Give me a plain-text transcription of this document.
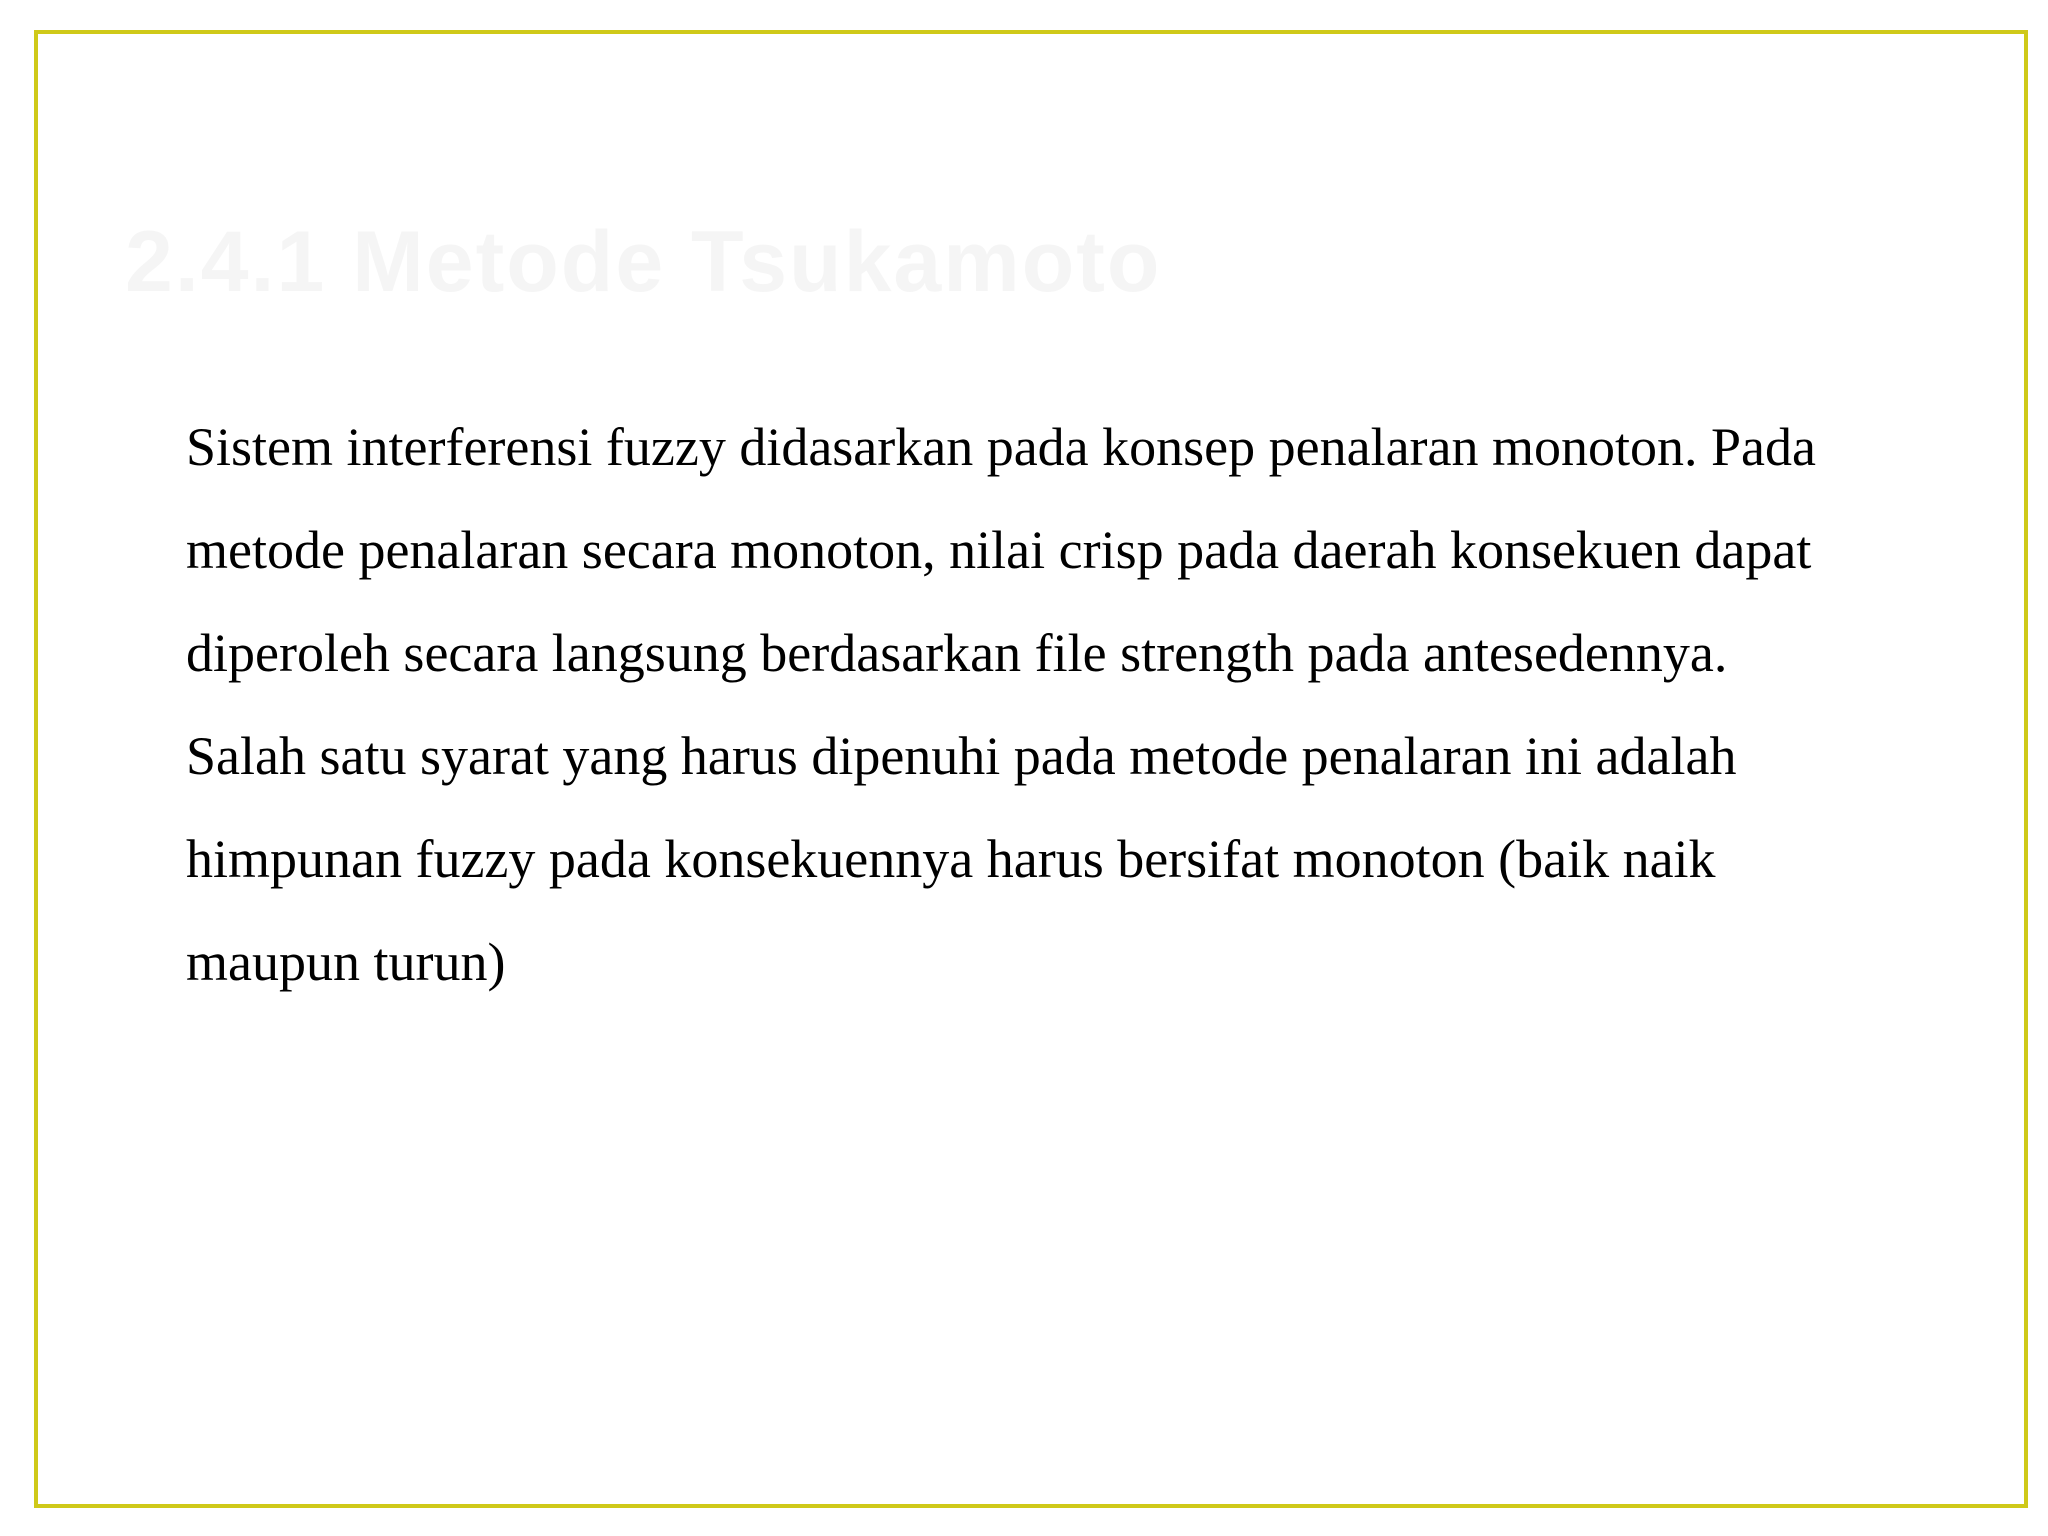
2.4.1 Metode Tsukamoto
Sistem interferensi fuzzy didasarkan pada konsep penalaran monoton. Pada
metode penalaran secara monoton, nilai crisp pada daerah konsekuen dapat
diperoleh secara langsung berdasarkan file strength pada antesedennya.
Salah satu syarat yang harus dipenuhi pada metode penalaran ini adalah
himpunan fuzzy pada konsekuennya harus bersifat monoton (baik naik
maupun turun)
